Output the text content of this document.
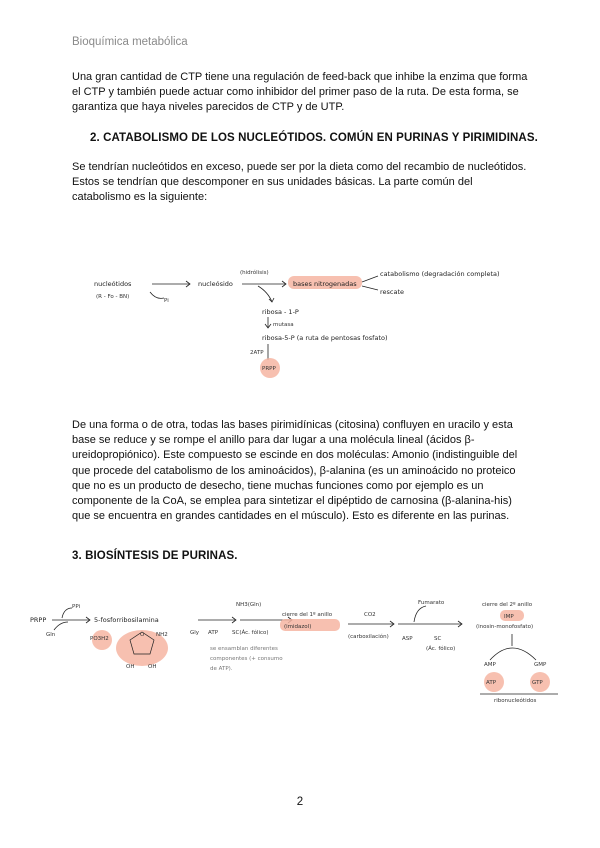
Bioquímica metabólica

Una gran cantidad de CTP tiene una regulación de feed-back que inhibe la enzima que forma el CTP y también puede actuar como inhibidor del primer paso de la ruta. De esta forma, se garantiza que haya niveles parecidos de CTP y de UTP.

2. CATABOLISMO DE LOS NUCLEÓTIDOS. COMÚN EN PURINAS Y PIRIMIDINAS.

Se tendrían nucleótidos en exceso, puede ser por la dieta como del recambio de nucleótidos. Estos se tendrían que descomponer en sus unidades básicas. La parte común del catabolismo es la siguiente:

nucleótidos
(R - Fo - BN)
Pi
nucleósido
(hidrólisis)
bases nitrogenadas
catabolismo (degradación completa)
rescate
ribosa - 1-P
mutasa
ribosa-5-P (a ruta de pentosas fosfato)
2ATP
PRPP

De una forma o de otra, todas las bases pirimidínicas (citosina) confluyen en uracilo y esta base se reduce y se rompe el anillo para dar lugar a una molécula lineal (ácidos β-ureidopropiónico). Este compuesto se escinde en dos moléculas: Amonio (indistinguible del que procede del catabolismo de los aminoácidos), β-alanina (es un aminoácido no proteico que no es un producto de desecho, tiene muchas funciones como por ejemplo es un componente de la CoA, se emplea para sintetizar el dipéptido de carnosina (β-alanina-his) que se encuentra en grandes cantidades en el músculo). Esto es diferente en las purinas.

3. BIOSÍNTESIS DE PURINAS.

PRPP
PPi
Gln
5-fosforribosilamina
PO3H2
O NH2
OH OH
Gly ATP
NH3(Gln)
SC(Ác. fólico)
se ensamblan diferentes
componentes (+ consumo
de ATP).
cierre del 1º anillo
(imidazol)
CO2
(carboxilación)
Fumarato
ASP	SC
(Ác. fólico)
cierre del 2º anillo
IMP
(inosin-monofosfato)
AMP	GMP
ATP	GTP
ribonucleótidos
2
